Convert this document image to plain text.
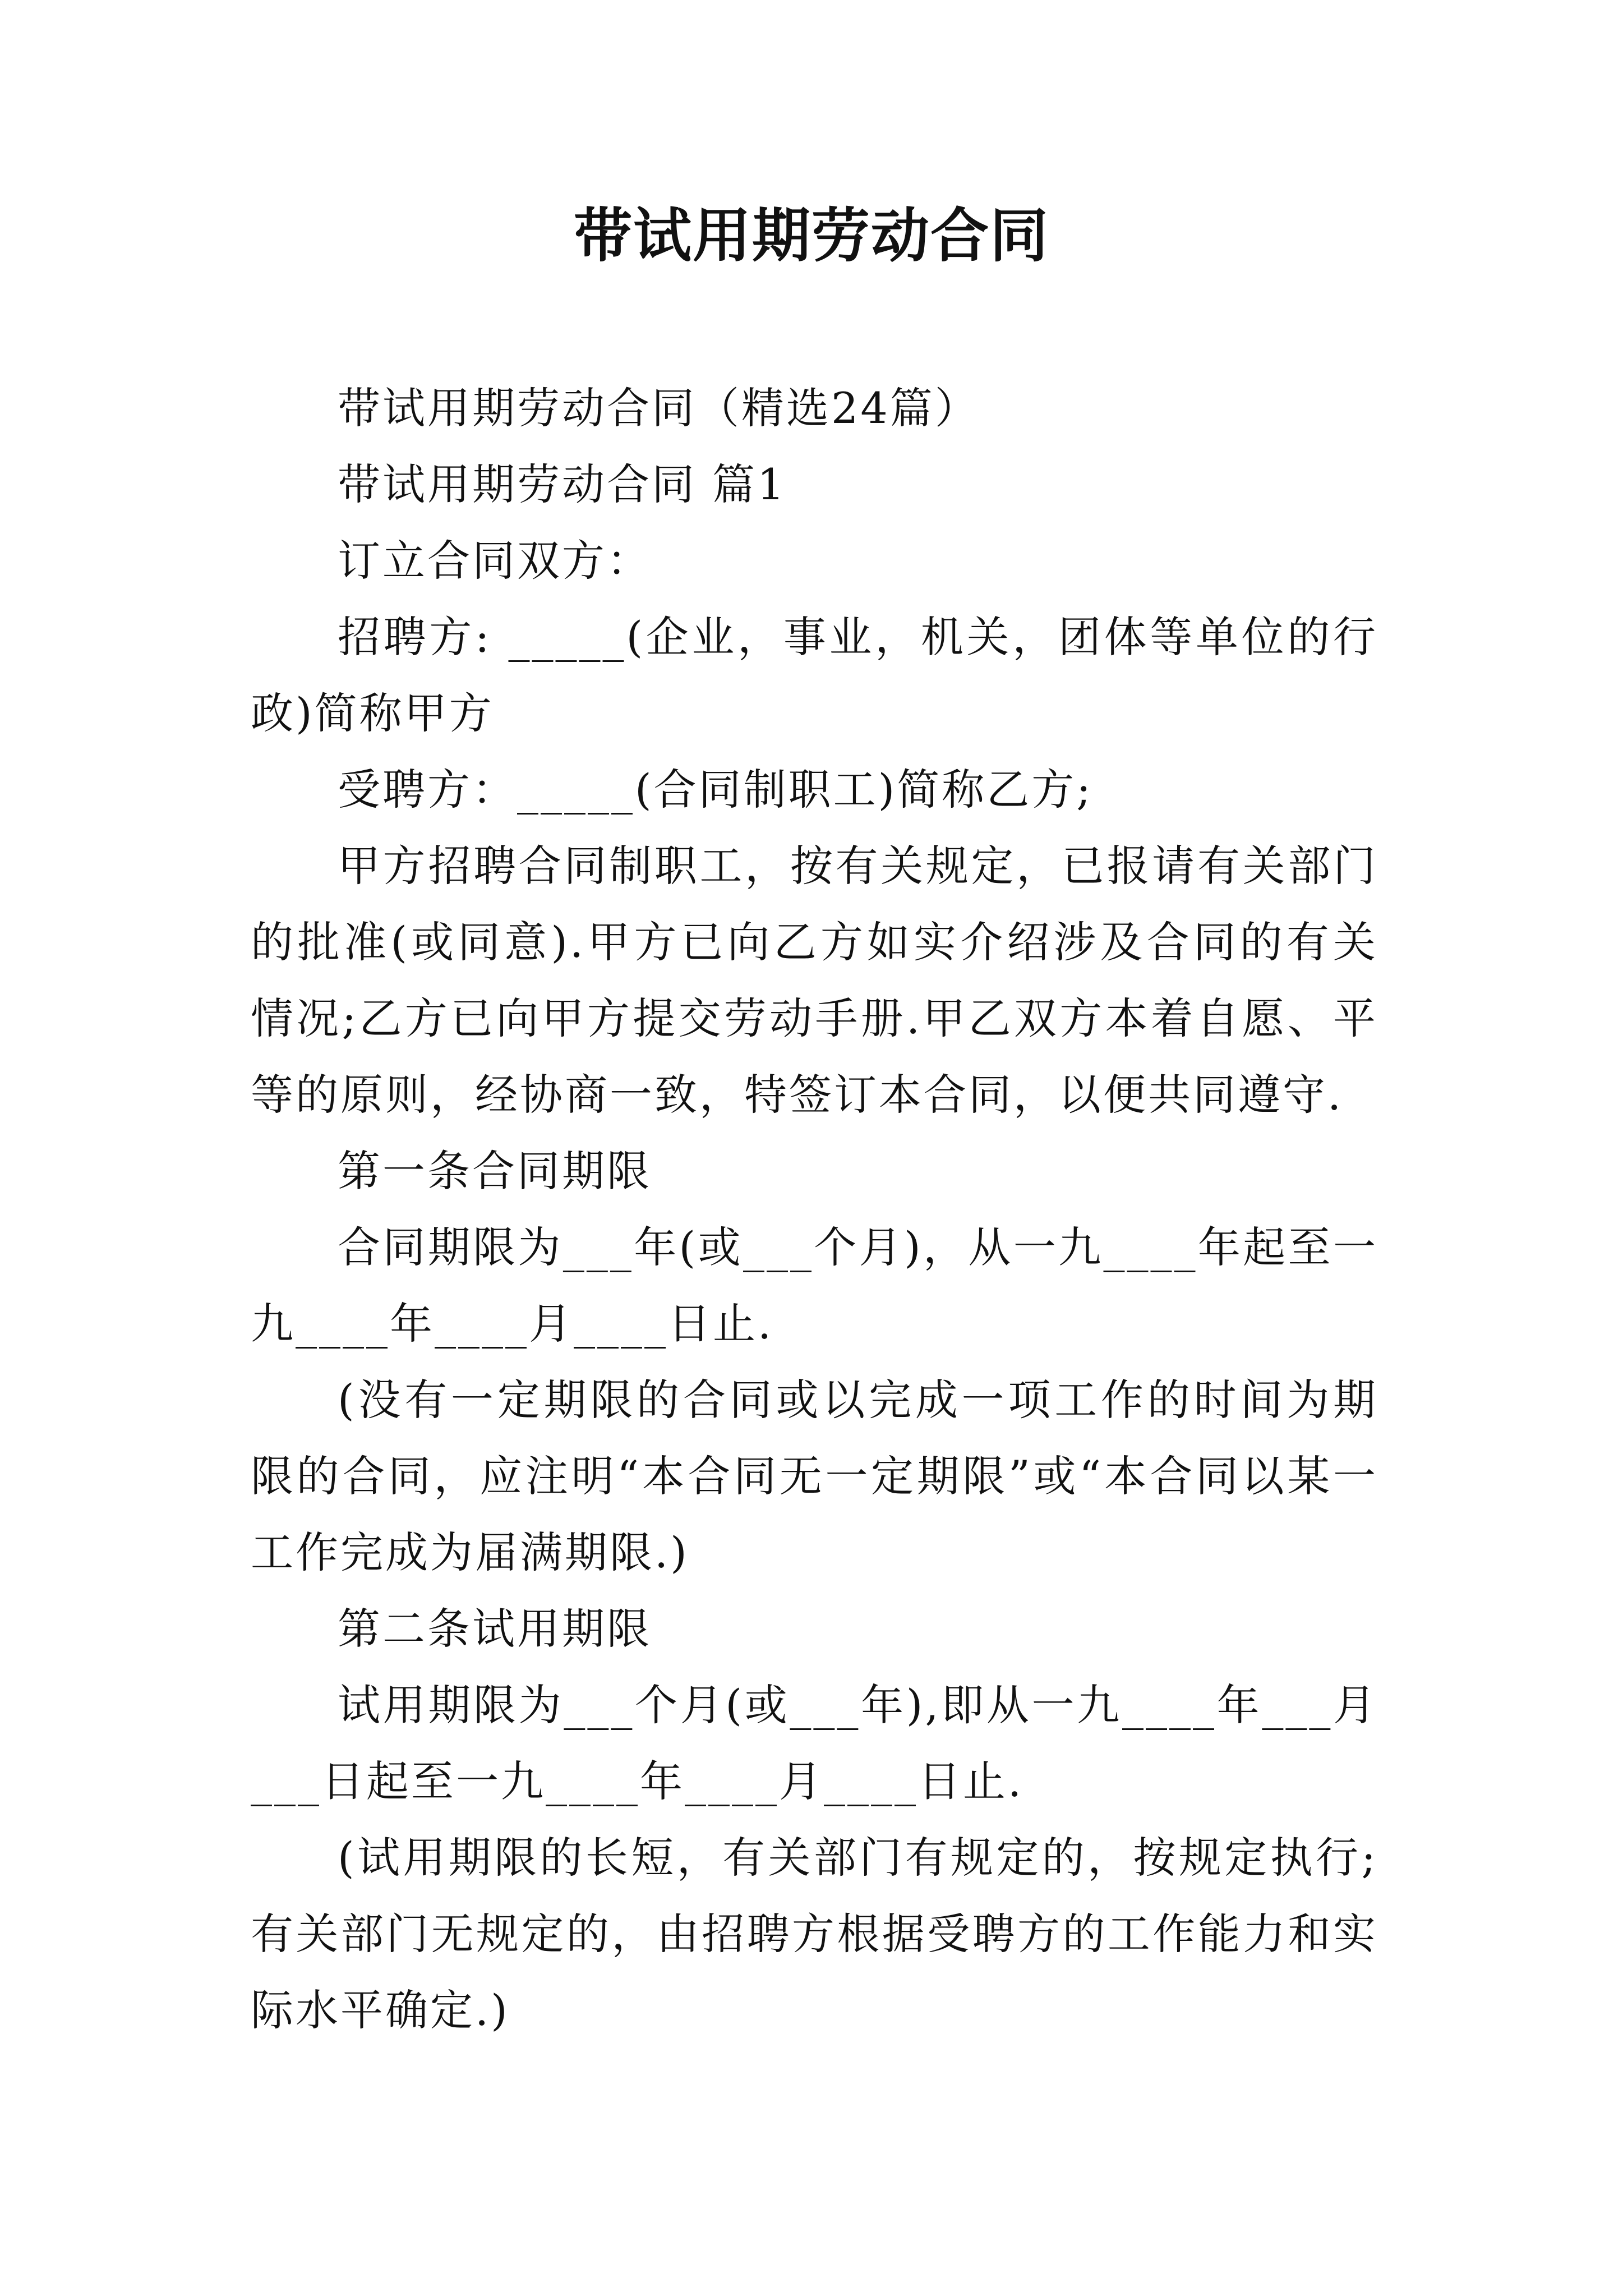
带试用期劳动合同

带试用期劳动合同（精选24篇）

带试用期劳动合同 篇1

订立合同双方：

招聘方: _____(企业，事业，机关，团体等单位的行政)简称甲方

受聘方：_____(合同制职工)简称乙方;

甲方招聘合同制职工，按有关规定，已报请有关部门的批准(或同意).甲方已向乙方如实介绍涉及合同的有关情况;乙方已向甲方提交劳动手册.甲乙双方本着自愿、平等的原则，经协商一致，特签订本合同，以便共同遵守.

第一条合同期限

合同期限为___年(或___个月)，从一九____年起至一九____年____月____日止.

(没有一定期限的合同或以完成一项工作的时间为期限的合同，应注明“本合同无一定期限”或“本合同以某一工作完成为届满期限.)

第二条试用期限

试用期限为___个月(或___年),即从一九____年___月___日起至一九____年____月____日止.

(试用期限的长短，有关部门有规定的，按规定执行;有关部门无规定的，由招聘方根据受聘方的工作能力和实际水平确定.)
